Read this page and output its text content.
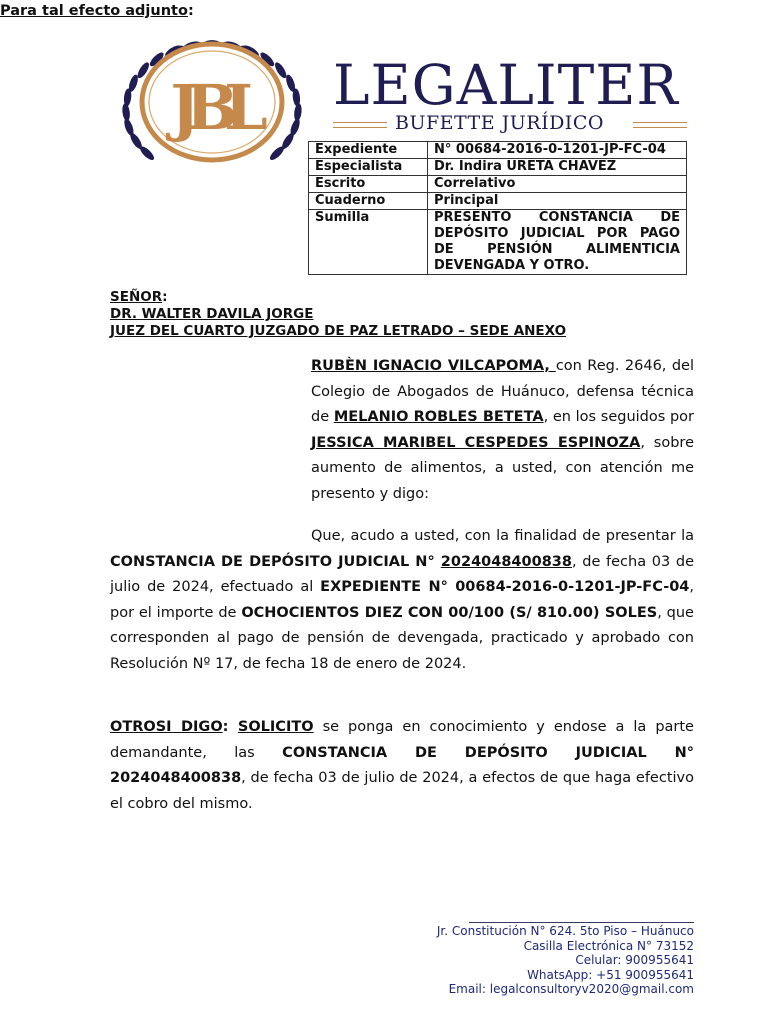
JBL LEGALITER
BUFETTE JURÍDICO
Expediente	N° 00684-2016-0-1201-JP-FC-04
Especialista	Dr. Indira URETA CHAVEZ
Escrito	Correlativo
Cuaderno	Principal
Sumilla	PRESENTO CONSTANCIA DE DEPÓSITO JUDICIAL POR PAGO DE PENSIÓN ALIMENTICIA DEVENGADA Y OTRO.
SEÑOR:
DR. WALTER DAVILA JORGE
JUEZ DEL CUARTO JUZGADO DE PAZ LETRADO – SEDE ANEXO
RUBÈN IGNACIO VILCAPOMA, con Reg. 2646, del Colegio de Abogados de Huánuco, defensa técnica de MELANIO ROBLES BETETA, en los seguidos por JESSICA MARIBEL CESPEDES ESPINOZA, sobre aumento de alimentos, a usted, con atención me presento y digo:
Que, acudo a usted, con la finalidad de presentar la CONSTANCIA DE DEPÓSITO JUDICIAL N° 2024048400838, de fecha 03 de julio de 2024, efectuado al EXPEDIENTE N° 00684-2016-0-1201-JP-FC-04, por el importe de OCHOCIENTOS DIEZ CON 00/100 (S/ 810.00) SOLES, que corresponden al pago de pensión de devengada, practicado y aprobado con Resolución Nº 17, de fecha 18 de enero de 2024.
OTROSI DIGO: SOLICITO se ponga en conocimiento y endose a la parte demandante, las CONSTANCIA DE DEPÓSITO JUDICIAL N° 2024048400838, de fecha 03 de julio de 2024, a efectos de que haga efectivo el cobro del mismo.
Para tal efecto adjunto:
Jr. Constitución N° 624. 5to Piso – Huánuco
Casilla Electrónica N° 73152
Celular: 900955641
WhatsApp: +51 900955641
Email: legalconsultoryv2020@gmail.com
